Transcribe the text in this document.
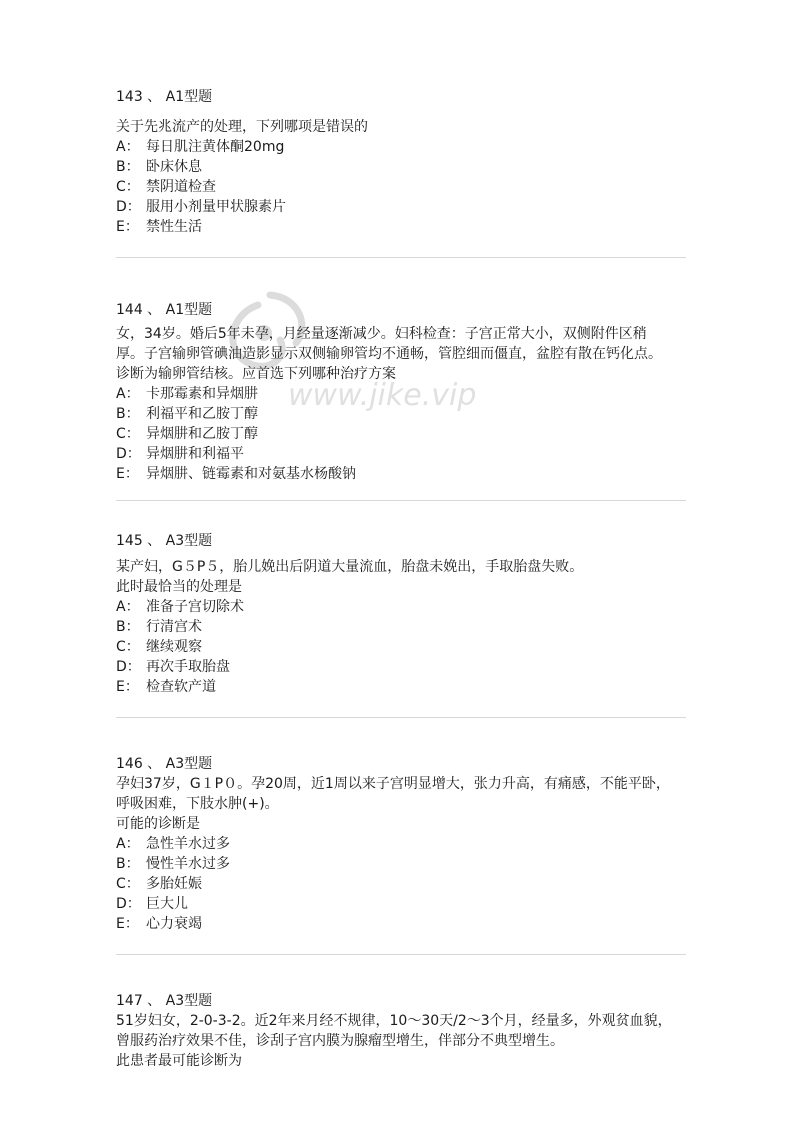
143 、 A1型题
关于先兆流产的处理，下列哪项是错误的
A： 每日肌注黄体酮20mg
B： 卧床休息
C： 禁阴道检查
D： 服用小剂量甲状腺素片
E： 禁性生活
144 、 A1型题
女，34岁。婚后5年未孕，月经量逐渐减少。妇科检查：子宫正常大小，双侧附件区稍
厚。子宫输卵管碘油造影显示双侧输卵管均不通畅，管腔细而僵直，盆腔有散在钙化点。
诊断为输卵管结核。应首选下列哪种治疗方案
A： 卡那霉素和异烟肼
B： 利福平和乙胺丁醇
C： 异烟肼和乙胺丁醇
D： 异烟肼和利福平
E： 异烟肼、链霉素和对氨基水杨酸钠
145 、 A3型题
某产妇，G５P５，胎儿娩出后阴道大量流血，胎盘未娩出，手取胎盘失败。
此时最恰当的处理是
A： 准备子宫切除术
B： 行清宫术
C： 继续观察
D： 再次手取胎盘
E： 检查软产道
146 、 A3型题
孕妇37岁，G１P０。孕20周，近1周以来子宫明显增大，张力升高，有痛感，不能平卧，
呼吸困难，下肢水肿(+)。
可能的诊断是
A： 急性羊水过多
B： 慢性羊水过多
C： 多胎妊娠
D： 巨大儿
E： 心力衰竭
147 、 A3型题
51岁妇女，2-0-3-2。近2年来月经不规律，10～30天/2～3个月，经量多，外观贫血貌，
曾服药治疗效果不佳，诊刮子宫内膜为腺瘤型增生，伴部分不典型增生。
此患者最可能诊断为
www.jike.vip
